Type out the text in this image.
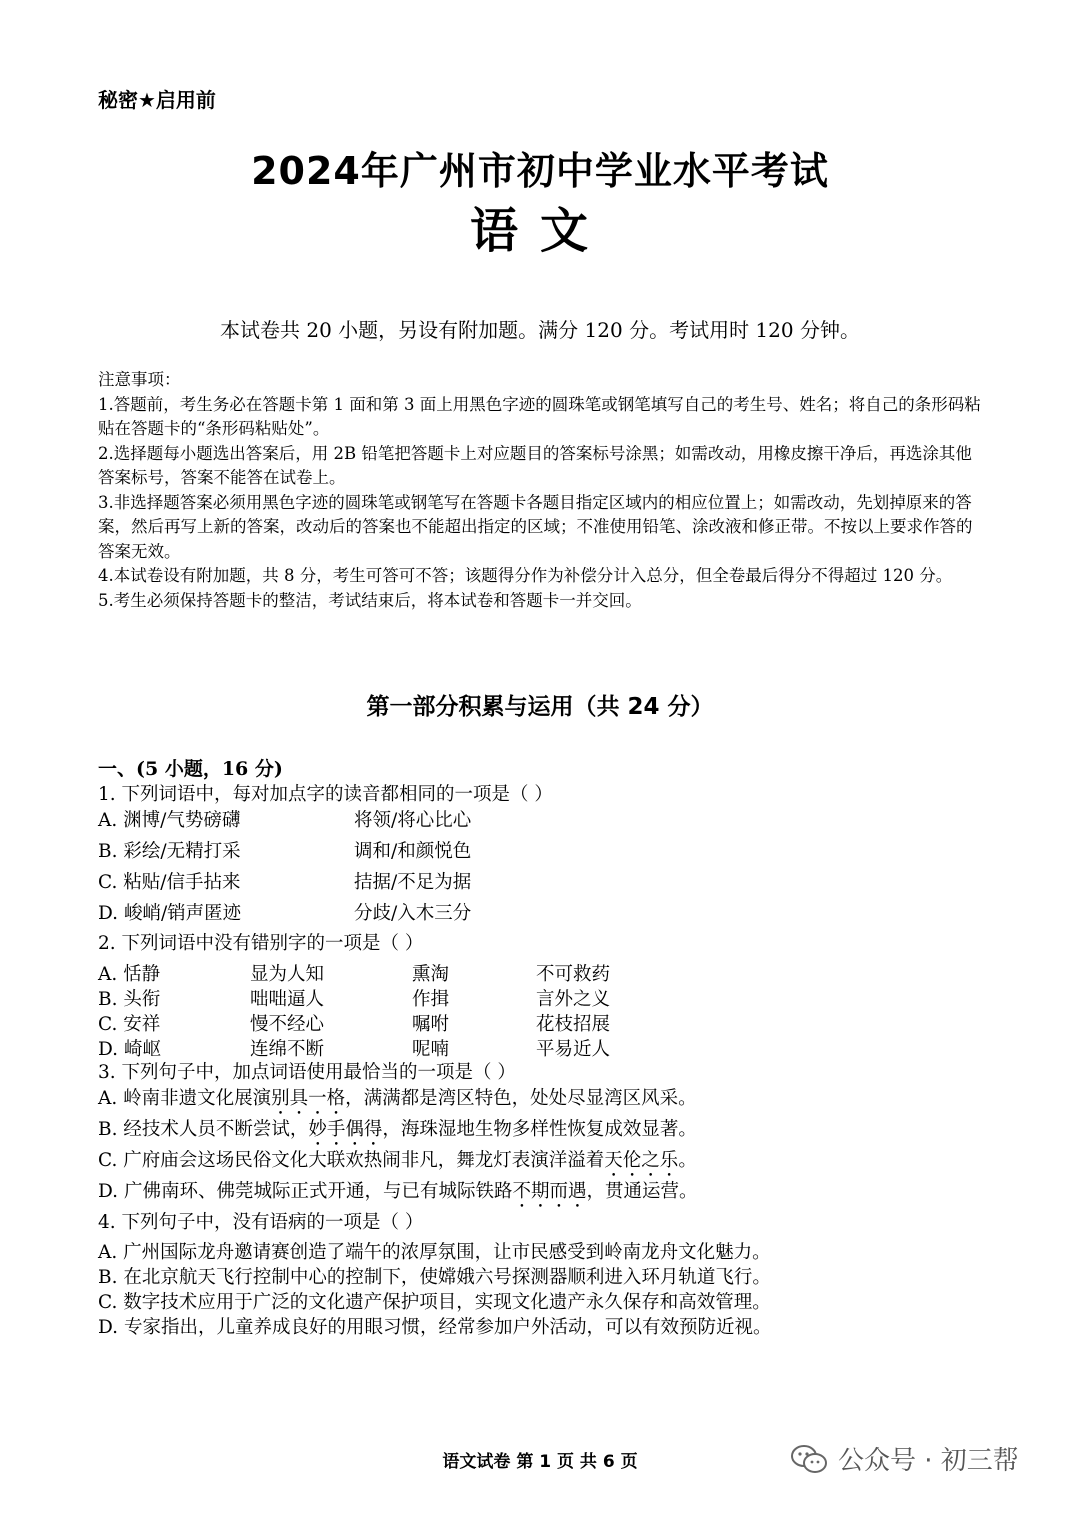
秘密★启用前
2024年广州市初中学业水平考试
语文
本试卷共 20 小题，另设有附加题。满分 120 分。考试用时 120 分钟。

注意事项：

1.答题前，考生务必在答题卡第 1 面和第 3 面上用黑色字迹的圆珠笔或钢笔填写自己的考生号、姓名；将自己的条形码粘贴在答题卡的“条形码粘贴处”。

2.选择题每小题选出答案后，用 2B 铅笔把答题卡上对应题目的答案标号涂黑；如需改动，用橡皮擦干净后，再选涂其他答案标号，答案不能答在试卷上。

3.非选择题答案必须用黑色字迹的圆珠笔或钢笔写在答题卡各题目指定区域内的相应位置上；如需改动，先划掉原来的答案，然后再写上新的答案，改动后的答案也不能超出指定的区域；不准使用铅笔、涂改液和修正带。不按以上要求作答的答案无效。

4.本试卷设有附加题，共 8 分，考生可答可不答；该题得分作为补偿分计入总分，但全卷最后得分不得超过 120 分。

5.考生必须保持答题卡的整洁，考试结束后，将本试卷和答题卡一并交回。

第一部分积累与运用（共 24 分）
一、(5 小题，16 分)
1. 下列词语中，每对加点字的读音都相同的一项是（ ）
A. 渊博/气势磅礴	将领/将心比心
B. 彩绘/无精打采	调和/和颜悦色
C. 粘贴/信手拈来	拮据/不足为据
D. 峻峭/销声匿迹	分歧/入木三分
2. 下列词语中没有错别字的一项是（ ）
A. 恬静	显为人知	熏淘	不可救药
B. 头衔	咄咄逼人	作揖	言外之义
C. 安祥	慢不经心	嘱咐	花枝招展
D. 崎岖	连绵不断	呢喃	平易近人
3. 下列句子中，加点词语使用最恰当的一项是（ ）
A. 岭南非遗文化展演别具一格，满满都是湾区特色，处处尽显湾区风采。
B. 经技术人员不断尝试，妙手偶得，海珠湿地生物多样性恢复成效显著。
C. 广府庙会这场民俗文化大联欢热闹非凡，舞龙灯表演洋溢着天伦之乐。
D. 广佛南环、佛莞城际正式开通，与已有城际铁路不期而遇，贯通运营。
4. 下列句子中，没有语病的一项是（ ）
A. 广州国际龙舟邀请赛创造了端午的浓厚氛围，让市民感受到岭南龙舟文化魅力。
B. 在北京航天飞行控制中心的控制下，使嫦娥六号探测器顺利进入环月轨道飞行。
C. 数字技术应用于广泛的文化遗产保护项目，实现文化遗产永久保存和高效管理。
D. 专家指出，儿童养成良好的用眼习惯，经常参加户外活动，可以有效预防近视。
语文试卷 第 1 页 共 6 页	公众号 · 初三帮
